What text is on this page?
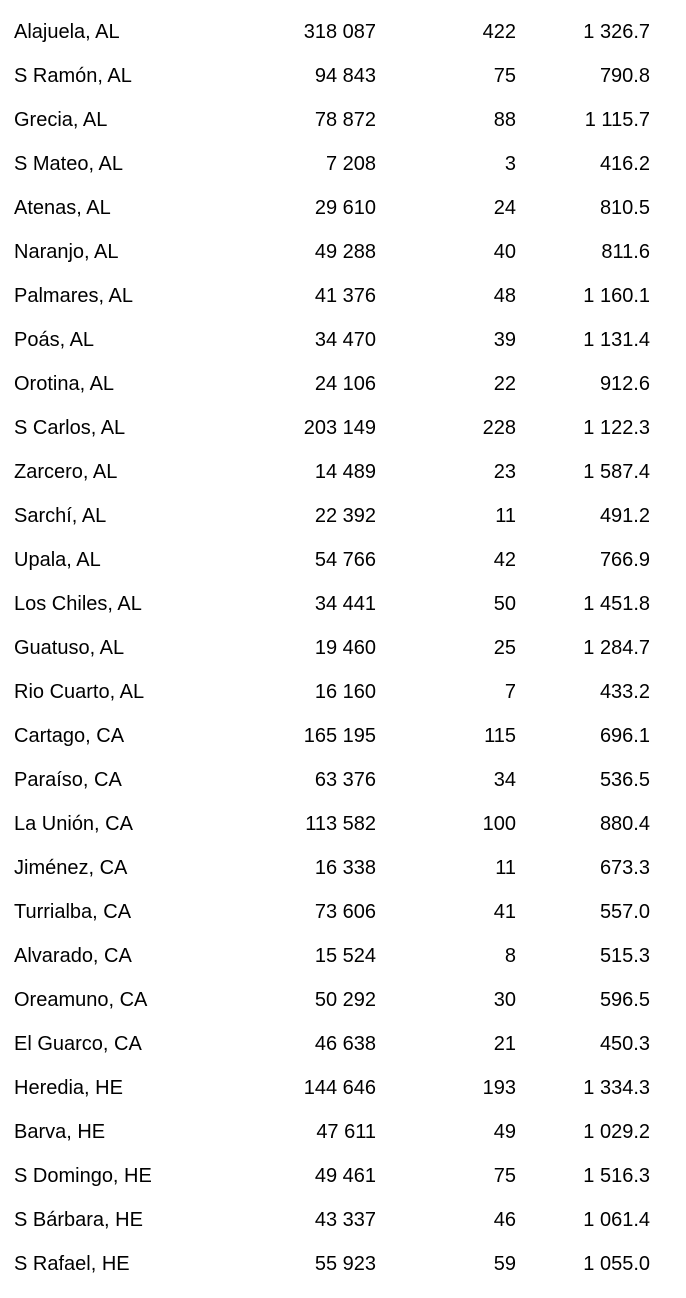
Alajuela, AL	318 087	422	1 326.7
S Ramón, AL	94 843	75	790.8
Grecia, AL	78 872	88	1 115.7
S Mateo, AL	7 208	3	416.2
Atenas, AL	29 610	24	810.5
Naranjo, AL	49 288	40	811.6
Palmares, AL	41 376	48	1 160.1
Poás, AL	34 470	39	1 131.4
Orotina, AL	24 106	22	912.6
S Carlos, AL	203 149	228	1 122.3
Zarcero, AL	14 489	23	1 587.4
Sarchí, AL	22 392	11	491.2
Upala, AL	54 766	42	766.9
Los Chiles, AL	34 441	50	1 451.8
Guatuso, AL	19 460	25	1 284.7
Rio Cuarto, AL	16 160	7	433.2
Cartago, CA	165 195	115	696.1
Paraíso, CA	63 376	34	536.5
La Unión, CA	113 582	100	880.4
Jiménez, CA	16 338	11	673.3
Turrialba, CA	73 606	41	557.0
Alvarado, CA	15 524	8	515.3
Oreamuno, CA	50 292	30	596.5
El Guarco, CA	46 638	21	450.3
Heredia, HE	144 646	193	1 334.3
Barva, HE	47 611	49	1 029.2
S Domingo, HE	49 461	75	1 516.3
S Bárbara, HE	43 337	46	1 061.4
S Rafael, HE	55 923	59	1 055.0
